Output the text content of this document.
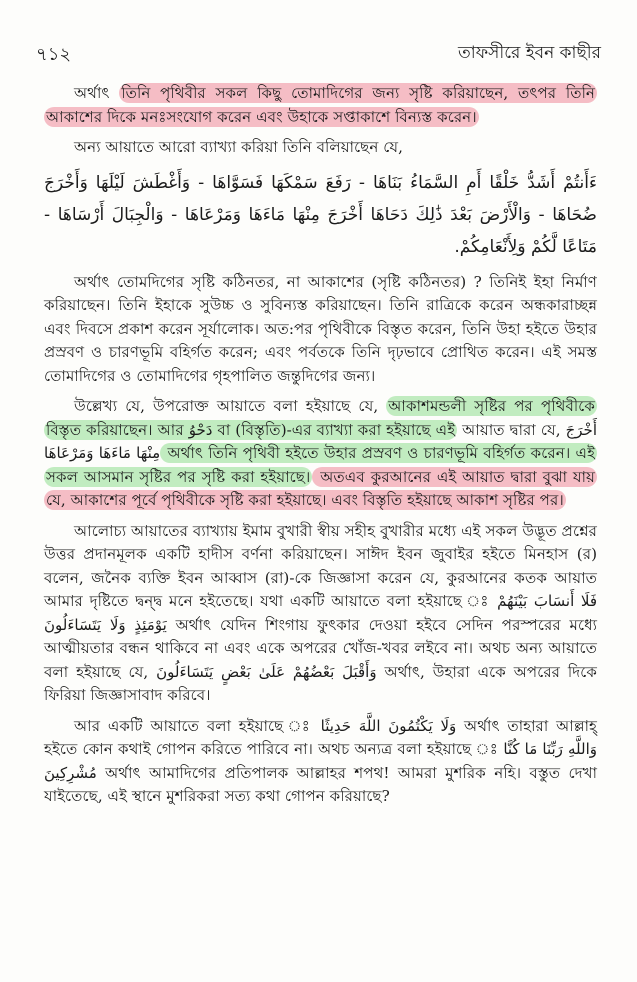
৭১২	তাফসীরে ইবন কাছীর

অর্থাৎ তিনি পৃথিবীর সকল কিছু তোমাদিগের জন্য সৃষ্টি করিয়াছেন, তৎপর তিনি আকাশের দিকে মনঃসংযোগ করেন এবং উহাকে সপ্তাকাশে বিন্যস্ত করেন।

অন্য আয়াতে আরো ব্যাখ্যা করিয়া তিনি বলিয়াছেন যে,

ءَأَنتُمْ أَشَدُّ خَلْقًا أَمِ السَّمَاءُ بَنَاهَا - رَفَعَ سَمْكَهَا فَسَوَّاهَا - وَأَغْطَشَ لَيْلَهَا وَأَخْرَجَ ضُحَاهَا - وَالْأَرْضَ بَعْدَ ذَٰلِكَ دَحَاهَا أَخْرَجَ مِنْهَا مَاءَهَا وَمَرْعَاهَا - وَالْجِبَالَ أَرْسَاهَا - مَتَاعًا لَّكُمْ وَلِأَنْعَامِكُمْ.

অর্থাৎ তোমদিগের সৃষ্টি কঠিনতর, না আকাশের (সৃষ্টি কঠিনতর) ? তিনিই ইহা নির্মাণ করিয়াছেন। তিনি ইহাকে সুউচ্চ ও সুবিন্যস্ত করিয়াছেন। তিনি রাত্রিকে করেন অন্ধকারাচ্ছন্ন এবং দিবসে প্রকাশ করেন সূর্যালোক। অত:পর পৃথিবীকে বিস্তৃত করেন, তিনি উহা হইতে উহার প্রস্রবণ ও চারণভূমি বহির্গত করেন; এবং পর্বতকে তিনি দৃঢ়ভাবে প্রোথিত করেন। এই সমস্ত তোমাদিগের ও তোমাদিগের গৃহপালিত জন্তুদিগের জন্য।

উল্লেখ্য যে, উপরোক্ত আয়াতে বলা হইয়াছে যে, আকাশমন্ডলী সৃষ্টির পর পৃথিবীকে বিস্তৃত করিয়াছেন। আর دَحْوُ বা (বিস্তৃতি)-এর ব্যাখ্যা করা হইয়াছে এই আয়াত দ্বারা যে, أَخْرَجَ مِنْهَا مَاءَهَا وَمَرْعَاهَا অর্থাৎ তিনি পৃথিবী হইতে উহার প্রস্রবণ ও চারণভূমি বহির্গত করেন। এই সকল আসমান সৃষ্টির পর সৃষ্টি করা হইয়াছে। অতএব কুরআনের এই আয়াত দ্বারা বুঝা যায় যে, আকাশের পূর্বে পৃথিবীকে সৃষ্টি করা হইয়াছে। এবং বিস্তৃতি হইয়াছে আকাশ সৃষ্টির পর।

আলোচ্য আয়াতের ব্যাখ্যায় ইমাম বুখারী স্বীয় সহীহ বুখারীর মধ্যে এই সকল উদ্ভূত প্রশ্নের উত্তর প্রদানমূলক একটি হাদীস বর্ণনা করিয়াছেন। সাঈদ ইবন জুবাইর হইতে মিনহাস (র) বলেন, জনৈক ব্যক্তি ইবন আব্বাস (রা)-কে জিজ্ঞাসা করেন যে, কুরআনের কতক আয়াত আমার দৃষ্টিতে দ্বন্দ্ব মনে হইতেছে। যথা একটি আয়াতে বলা হইয়াছে ঃ فَلَا أَنسَابَ بَيْنَهُمْ يَوْمَئِذٍ وَلَا يَتَسَاءَلُونَ অর্থাৎ যেদিন শিংগায় ফুৎকার দেওয়া হইবে সেদিন পরস্পরের মধ্যে আত্মীয়তার বন্ধন থাকিবে না এবং একে অপরের খোঁজ-খবর লইবে না। অথচ অন্য আয়াতে বলা হইয়াছে যে, وَأَقْبَلَ بَعْضُهُمْ عَلَىٰ بَعْضٍ يَتَسَاءَلُونَ অর্থাৎ, উহারা একে অপরের দিকে ফিরিয়া জিজ্ঞাসাবাদ করিবে।

আর একটি আয়াতে বলা হইয়াছে ঃ وَلَا يَكْتُمُونَ اللَّهَ حَدِيثًا অর্থাৎ তাহারা আল্লাহ্ হইতে কোন কথাই গোপন করিতে পারিবে না। অথচ অন্যত্র বলা হইয়াছে ঃ وَاللَّهِ رَبِّنَا مَا كُنَّا مُشْرِكِينَ অর্থাৎ আমাদিগের প্রতিপালক আল্লাহর শপথ! আমরা মুশরিক নহি। বস্তুত দেখা যাইতেছে, এই স্থানে মুশরিকরা সত্য কথা গোপন করিয়াছে?
